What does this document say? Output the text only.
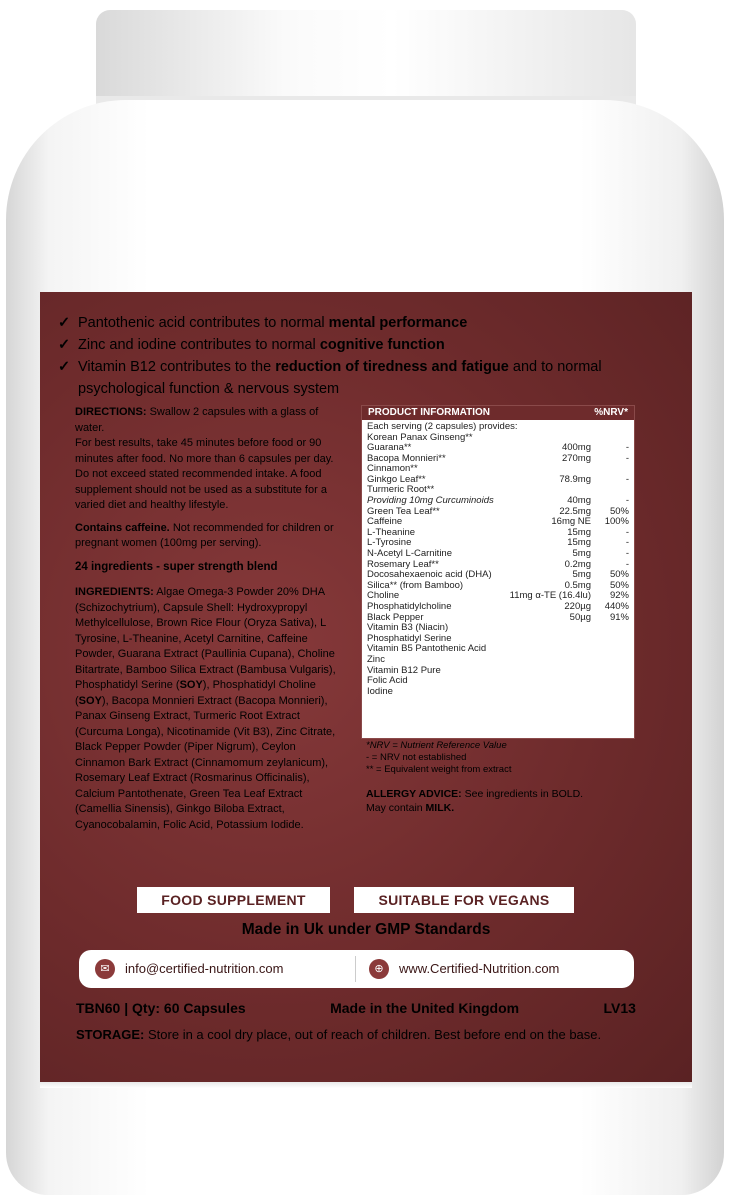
✓ Pantothenic acid contributes to normal mental performance
✓ Zinc and iodine contributes to normal cognitive function
✓ Vitamin B12 contributes to the reduction of tiredness and fatigue and to normal psychological function & nervous system

DIRECTIONS: Swallow 2 capsules with a glass of water.
For best results, take 45 minutes before food or 90 minutes after food. No more than 6 capsules per day. Do not exceed stated recommended intake. A food supplement should not be used as a substitute for a varied diet and healthy lifestyle.

Contains caffeine. Not recommended for children or pregnant women (100mg per serving).

24 ingredients - super strength blend

INGREDIENTS: Algae Omega-3 Powder 20% DHA (Schizochytrium), Capsule Shell: Hydroxypropyl Methylcellulose, Brown Rice Flour (Oryza Sativa), L Tyrosine, L-Theanine, Acetyl Carnitine, Caffeine Powder, Guarana Extract (Paullinia Cupana), Choline Bitartrate, Bamboo Silica Extract (Bambusa Vulgaris), Phosphatidyl Serine (SOY), Phosphatidyl Choline (SOY), Bacopa Monnieri Extract (Bacopa Monnieri), Panax Ginseng Extract, Turmeric Root Extract (Curcuma Longa), Nicotinamide (Vit B3), Zinc Citrate, Black Pepper Powder (Piper Nigrum), Ceylon Cinnamon Bark Extract (Cinnamomum zeylanicum), Rosemary Leaf Extract (Rosmarinus Officinalis), Calcium Pantothenate, Green Tea Leaf Extract (Camellia Sinensis), Ginkgo Biloba Extract, Cyanocobalamin, Folic Acid, Potassium Iodide.

PRODUCT INFORMATION	%NRV*
Each serving (2 capsules) provides:
Korean Panax Ginseng**
Guarana**	400mg	-
Bacopa Monnieri**	270mg	-
Cinnamon**
Ginkgo Leaf**	78.9mg	-
Turmeric Root**
Providing 10mg Curcuminoids	40mg	-
Green Tea Leaf**	22.5mg	50%
Caffeine	16mg NE	100%
L-Theanine	15mg	-
L-Tyrosine	15mg	-
N-Acetyl L-Carnitine	5mg	-
Rosemary Leaf**	0.2mg	-
Docosahexaenoic acid (DHA)	5mg	50%
Silica** (from Bamboo)	0.5mg	50%
Choline	11mg α-TE (16.4lu)	92%
Phosphatidylcholine	220µg	440%
Black Pepper	50µg	91%
Vitamin B3 (Niacin)
Phosphatidyl Serine
Vitamin B5 Pantothenic Acid
Zinc
Vitamin B12 Pure
Folic Acid
Iodine
*NRV = Nutrient Reference Value
- = NRV not established
** = Equivalent weight from extract
ALLERGY ADVICE: See ingredients in BOLD.
May contain MILK.
FOOD SUPPLEMENT	SUITABLE FOR VEGANS
Made in Uk under GMP Standards
✉	info@certified-nutrition.com	⊕	www.Certified-Nutrition.com
TBN60 | Qty: 60 Capsules	Made in the United Kingdom	LV13
STORAGE: Store in a cool dry place, out of reach of children. Best before end on the base.
